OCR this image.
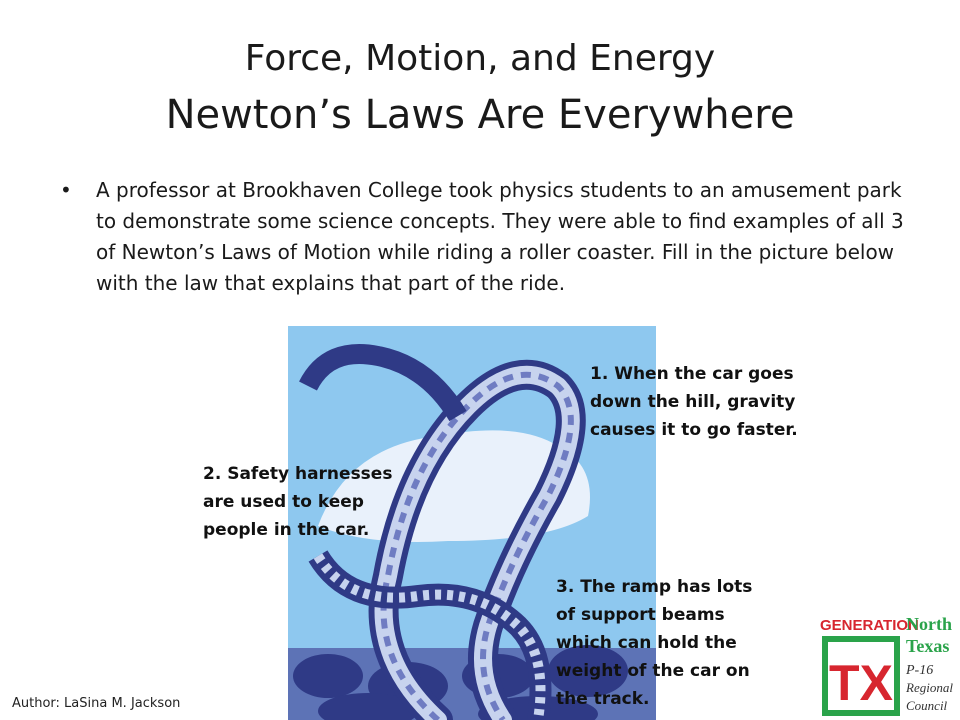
Force, Motion, and Energy
Newton’s Laws Are Everywhere
• A professor at Brookhaven College took physics students to an amusement park to demonstrate some science concepts. They were able to find examples of all 3 of Newton’s Laws of Motion while riding a roller coaster. Fill in the picture below with the law that explains that part of the ride.
1. When the car goes down the hill, gravity causes it to go faster.
2. Safety harnesses are used to keep people in the car.
3. The ramp has lots of support beams which can hold the weight of the car on the track.
Author: LaSina M. Jackson
GENERATION
TX
North
Texas
P-16
Regional
Council
